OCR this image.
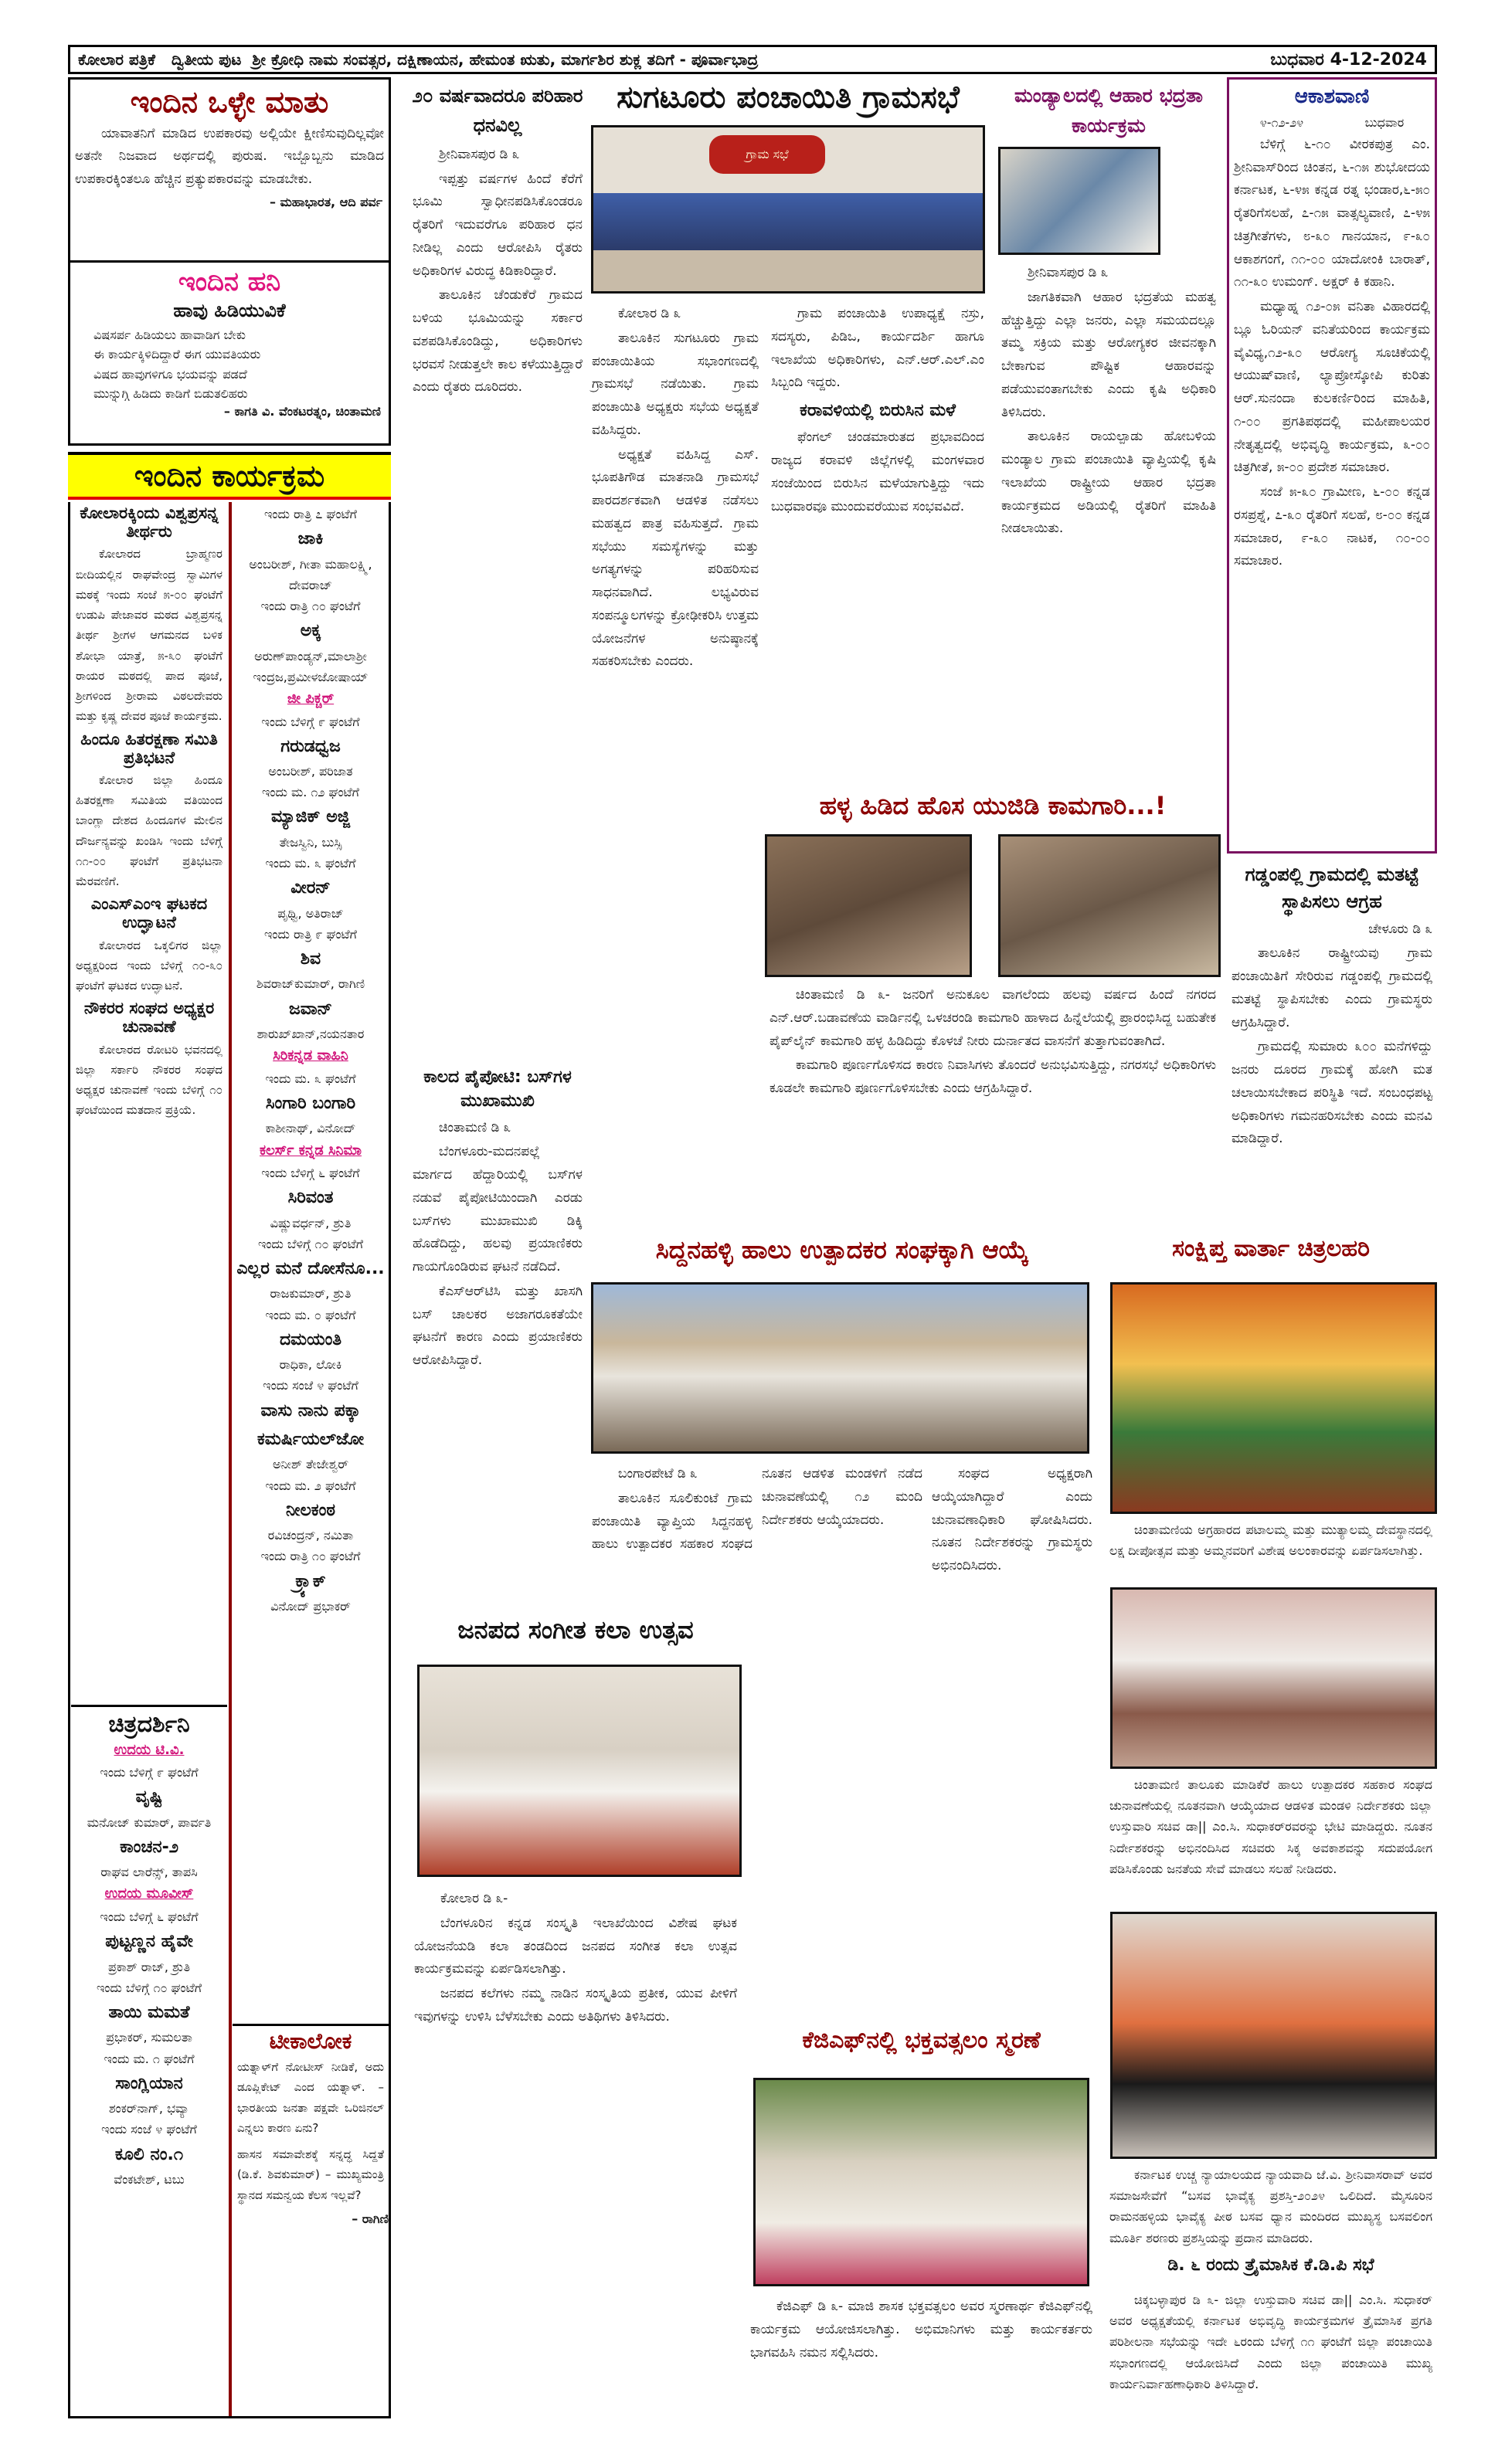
ಕೋಲಾರ ಪತ್ರಿಕೆ ದ್ವಿತೀಯ ಪುಟ ಶ್ರೀ ಕ್ರೋಧಿ ನಾಮ ಸಂವತ್ಸರ, ದಕ್ಷಿಣಾಯನ, ಹೇಮಂತ ಋತು, ಮಾರ್ಗಶಿರ ಶುಕ್ಲ ತದಿಗೆ - ಪೂರ್ವಾಭಾದ್ರ	ಬುಧವಾರ 4-12-2024
ಇಂದಿನ ಒಳ್ಳೇ ಮಾತು
ಯಾವಾತನಿಗೆ ಮಾಡಿದ ಉಪಕಾರವು ಅಲ್ಲಿಯೇ ಕ್ಷೀಣಿಸುವುದಿಲ್ಲವೋ ಅತನೇ ನಿಜವಾದ ಅರ್ಥದಲ್ಲಿ ಪುರುಷ. ಇಬ್ಬೊಬ್ಬನು ಮಾಡಿದ ಉಪಕಾರಕ್ಕಿಂತಲೂ ಹೆಚ್ಚಿನ ಪ್ರತ್ಯುಪಕಾರವನ್ನು ಮಾಡಬೇಕು.
– ಮಹಾಭಾರತ, ಆದಿ ಪರ್ವ
ಇಂದಿನ ಹನಿ
ಹಾವು ಹಿಡಿಯುವಿಕೆ
ವಿಷಸರ್ಪ ಹಿಡಿಯಲು ಹಾವಾಡಿಗ ಬೇಕು
ಈ ಕಾರ್ಯಕ್ಕಿಳಿದಿದ್ದಾರೆ ಈಗ ಯುವತಿಯರು
ವಿಷದ ಹಾವುಗಳಿಗೂ ಭಯವನ್ನು ಪಡದೆ
ಮುನ್ನುಗ್ಗಿ ಹಿಡಿದು ಕಾಡಿಗೆ ಬಿಡುತಲಿಹರು
– ಕಾಗತಿ ವಿ. ವೆಂಕಟರತ್ನಂ, ಚಿಂತಾಮಣಿ
ಇಂದಿನ ಕಾರ್ಯಕ್ರಮ
ಕೋಲಾರಕ್ಕಿಂದು ವಿಶ್ವಪ್ರಸನ್ನ ತೀರ್ಥರು
ಕೋಲಾರದ ಬ್ರಾಹ್ಮಣರ ಬೀದಿಯಲ್ಲಿನ ರಾಘವೇಂದ್ರ ಸ್ವಾಮಿಗಳ ಮಠಕ್ಕೆ ಇಂದು ಸಂಜೆ ೫-೦೦ ಘಂಟೆಗೆ ಉಡುಪಿ ಪೇಜಾವರ ಮಠದ ವಿಶ್ವಪ್ರಸನ್ನ ತೀರ್ಥ ಶ್ರೀಗಳ ಆಗಮನದ ಬಳಿಕ ಶೋಭಾ ಯಾತ್ರೆ, ೫-೩೦ ಘಂಟೆಗೆ ರಾಯರ ಮಠದಲ್ಲಿ ಪಾದ ಪೂಜೆ, ಶ್ರೀಗಳಿಂದ ಶ್ರೀರಾಮ ವಿಠಲದೇವರು ಮತ್ತು ಕೃಷ್ಣ ದೇವರ ಪೂಜೆ ಕಾರ್ಯಕ್ರಮ.
ಹಿಂದೂ ಹಿತರಕ್ಷಣಾ ಸಮಿತಿ ಪ್ರತಿಭಟನೆ
ಕೋಲಾರ ಜಿಲ್ಲಾ ಹಿಂದೂ ಹಿತರಕ್ಷಣಾ ಸಮಿತಿಯ ವತಿಯಿಂದ ಬಾಂಗ್ಲಾ ದೇಶದ ಹಿಂದೂಗಳ ಮೇಲಿನ ದೌರ್ಜನ್ಯವನ್ನು ಖಂಡಿಸಿ ಇಂದು ಬೆಳಿಗ್ಗೆ ೧೧-೦೦ ಘಂಟೆಗೆ ಪ್ರತಿಭಟನಾ ಮೆರವಣಿಗೆ.
ಎಂಎಸ್‌ಎಂಇ ಘಟಕದ ಉದ್ಘಾಟನೆ
ಕೋಲಾರದ ಒಕ್ಕಲಿಗರ ಜಿಲ್ಲಾ ಅಧ್ಯಕ್ಷರಿಂದ ಇಂದು ಬೆಳಿಗ್ಗೆ ೧೦-೩೦ ಘಂಟೆಗೆ ಘಟಕದ ಉದ್ಘಾಟನೆ.
ನೌಕರರ ಸಂಘದ ಅಧ್ಯಕ್ಷರ ಚುನಾವಣೆ
ಕೋಲಾರದ ರೋಟರಿ ಭವನದಲ್ಲಿ ಜಿಲ್ಲಾ ಸರ್ಕಾರಿ ನೌಕರರ ಸಂಘದ ಅಧ್ಯಕ್ಷರ ಚುನಾವಣೆ ಇಂದು ಬೆಳಿಗ್ಗೆ ೧೦ ಘಂಟೆಯಿಂದ ಮತದಾನ ಪ್ರಕ್ರಿಯೆ.
ಚಿತ್ರದರ್ಶಿನಿ
ಉದಯ ಟಿ.ವಿ.
ಇಂದು ಬೆಳಿಗ್ಗೆ ೯ ಘಂಟೆಗೆ
ವೃಷ್ಟಿ
ಮನೋಜ್ ಕುಮಾರ್, ಪಾರ್ವತಿ
ಕಾಂಚನ-೨
ರಾಘವ ಲಾರೆನ್ಸ್, ತಾಪಸಿ
ಉದಯ ಮೂವೀಸ್
ಇಂದು ಬೆಳಿಗ್ಗೆ ೬ ಘಂಟೆಗೆ
ಪುಟ್ಟಣ್ಣನ ಹೈವೇ
ಪ್ರಕಾಶ್ ರಾಜ್, ಶ್ರುತಿ
ಇಂದು ಬೆಳಿಗ್ಗೆ ೧೦ ಘಂಟೆಗೆ
ತಾಯಿ ಮಮತೆ
ಪ್ರಭಾಕರ್, ಸುಮಲತಾ
ಇಂದು ಮ. ೧ ಘಂಟೆಗೆ
ಸಾಂಗ್ಲಿಯಾನ
ಶಂಕರ್‌ನಾಗ್, ಭವ್ಯಾ
ಇಂದು ಸಂಜೆ ೪ ಘಂಟೆಗೆ
ಕೂಲಿ ನಂ.೧
ವೆಂಕಟೇಶ್, ಟಬು
ಇಂದು ರಾತ್ರಿ ೭ ಘಂಟೆಗೆ
ಜಾಕಿ
ಅಂಬರೀಶ್, ಗೀತಾ ಮಹಾಲಕ್ಷ್ಮಿ, ದೇವರಾಜ್
ಇಂದು ರಾತ್ರಿ ೧೦ ಘಂಟೆಗೆ
ಅಕ್ಕ
ಅರುಣ್‌ಪಾಂಡ್ಯನ್,ಮಾಲಾಶ್ರೀ ಇಂದ್ರಜ,ಪ್ರಮೀಳಜೋಷಾಯ್
ಜೀ ಪಿಕ್ಚರ್
ಇಂದು ಬೆಳಿಗ್ಗೆ ೯ ಘಂಟೆಗೆ
ಗರುಡಧ್ವಜ
ಅಂಬರೀಶ್, ಪರಿಜಾತ
ಇಂದು ಮ. ೧೨ ಘಂಟೆಗೆ
ಮ್ಯಾಜಿಕ್ ಅಜ್ಜಿ
ತೇಜಸ್ವಿನಿ, ಬುಸ್ಸಿ
ಇಂದು ಮ. ೩ ಘಂಟೆಗೆ
ವೀರನ್
ಪೃಥ್ವಿ, ಅತಿರಾಜ್
ಇಂದು ರಾತ್ರಿ ೯ ಘಂಟೆಗೆ
ಶಿವ
ಶಿವರಾಜ್‌ಕುಮಾರ್, ರಾಗಿಣಿ
ಜವಾನ್
ಶಾರುಖ್‌ಖಾನ್,ನಯನತಾರ
ಸಿರಿಕನ್ನಡ ವಾಹಿನಿ
ಇಂದು ಮ. ೩ ಘಂಟೆಗೆ
ಸಿಂಗಾರಿ ಬಂಗಾರಿ
ಕಾಶೀನಾಥ್, ವಿನೋದ್
ಕಲರ್ಸ್ ಕನ್ನಡ ಸಿನಿಮಾ
ಇಂದು ಬೆಳಿಗ್ಗೆ ೬ ಘಂಟೆಗೆ
ಸಿರಿವಂತ
ವಿಷ್ಣುವರ್ಧನ್, ಶ್ರುತಿ
ಇಂದು ಬೆಳಿಗ್ಗೆ ೧೦ ಘಂಟೆಗೆ
ಎಲ್ಲರ ಮನೆ ದೋಸೆನೂ...
ರಾಜಕುಮಾರ್, ಶ್ರುತಿ
ಇಂದು ಮ. ೦ ಘಂಟೆಗೆ
ದಮಯಂತಿ
ರಾಧಿಕಾ, ಲೋಕಿ
ಇಂದು ಸಂಜೆ ೪ ಘಂಟೆಗೆ
ವಾಸು ನಾನು ಪಕ್ಕಾ ಕಮರ್ಷಿಯಲ್‌ಜೋ
ಅನೀಶ್ ತೇಜೇಶ್ವರ್
ಇಂದು ಮ. ೨ ಘಂಟೆಗೆ
ನೀಲಕಂಠ
ರವಿಚಂದ್ರನ್, ನಮಿತಾ
ಇಂದು ರಾತ್ರಿ ೧೦ ಘಂಟೆಗೆ
ಕ್ರ್ಯಾಕ್
ವಿನೋದ್ ಪ್ರಭಾಕರ್
ಟೀಕಾಲೋಕ
ಯತ್ನಾಳ್‌ಗೆ ನೋಟೀಸ್ ನೀಡಿಕೆ, ಅದು ಡೂಪ್ಲಿಕೇಟ್ ಎಂದ ಯತ್ನಾಳ್. – ಭಾರತೀಯ ಜನತಾ ಪಕ್ಷವೇ ಒರಿಜಿನಲ್ ಎನ್ನಲು ಕಾರಣ ಏನು?
ಹಾಸನ ಸಮಾವೇಶಕ್ಕೆ ಸನ್ನದ್ಧ ಸಿದ್ದತೆ (ಡಿ.ಕೆ. ಶಿವಕುಮಾರ್) – ಮುಖ್ಯಮಂತ್ರಿ ಸ್ಥಾನದ ಸಮನ್ವಯ ಕೆಲಸ ಇಲ್ಲವೆ?
– ರಾಗಿಣಿ
೨೦ ವರ್ಷವಾದರೂ ಪರಿಹಾರ ಧನವಿಲ್ಲ

ಶ್ರೀನಿವಾಸಪುರ ಡಿ ೩

ಇಪ್ಪತ್ತು ವರ್ಷಗಳ ಹಿಂದೆ ಕೆರೆಗೆ ಭೂಮಿ ಸ್ವಾಧೀನಪಡಿಸಿಕೊಂಡರೂ ರೈತರಿಗೆ ಇದುವರೆಗೂ ಪರಿಹಾರ ಧನ ನೀಡಿಲ್ಲ ಎಂದು ಆರೋಪಿಸಿ ರೈತರು ಅಧಿಕಾರಿಗಳ ವಿರುದ್ಧ ಕಿಡಿಕಾರಿದ್ದಾರೆ.

ತಾಲೂಕಿನ ಚೆಂಡುಕೆರೆ ಗ್ರಾಮದ ಬಳಿಯ ಭೂಮಿಯನ್ನು ಸರ್ಕಾರ ವಶಪಡಿಸಿಕೊಂಡಿದ್ದು, ಅಧಿಕಾರಿಗಳು ಭರವಸೆ ನೀಡುತ್ತಲೇ ಕಾಲ ಕಳೆಯುತ್ತಿದ್ದಾರೆ ಎಂದು ರೈತರು ದೂರಿದರು.

ಕಾಲದ ಪೈಪೋಟಿ: ಬಸ್‌ಗಳ ಮುಖಾಮುಖಿ

ಚಿಂತಾಮಣಿ ಡಿ ೩

ಬೆಂಗಳೂರು-ಮದನಪಲ್ಲೆ ಮಾರ್ಗದ ಹೆದ್ದಾರಿಯಲ್ಲಿ ಬಸ್‌ಗಳ ನಡುವೆ ಪೈಪೋಟಿಯಿಂದಾಗಿ ಎರಡು ಬಸ್‌ಗಳು ಮುಖಾಮುಖಿ ಡಿಕ್ಕಿ ಹೊಡೆದಿದ್ದು, ಹಲವು ಪ್ರಯಾಣಿಕರು ಗಾಯಗೊಂಡಿರುವ ಘಟನೆ ನಡೆದಿದೆ.

ಕೆಎಸ್‌ಆರ್‌ಟಿಸಿ ಮತ್ತು ಖಾಸಗಿ ಬಸ್ ಚಾಲಕರ ಅಜಾಗರೂಕತೆಯೇ ಘಟನೆಗೆ ಕಾರಣ ಎಂದು ಪ್ರಯಾಣಿಕರು ಆರೋಪಿಸಿದ್ದಾರೆ.

ಸುಗಟೂರು ಪಂಚಾಯಿತಿ ಗ್ರಾಮಸಭೆ
ಗ್ರಾಮ ಸಭೆ

ಕೋಲಾರ ಡಿ ೩

ತಾಲೂಕಿನ ಸುಗಟೂರು ಗ್ರಾಮ ಪಂಚಾಯಿತಿಯ ಸಭಾಂಗಣದಲ್ಲಿ ಗ್ರಾಮಸಭೆ ನಡೆಯಿತು. ಗ್ರಾಮ ಪಂಚಾಯಿತಿ ಅಧ್ಯಕ್ಷರು ಸಭೆಯ ಅಧ್ಯಕ್ಷತೆ ವಹಿಸಿದ್ದರು.

ಅಧ್ಯಕ್ಷತೆ ವಹಿಸಿದ್ದ ಎಸ್. ಭೂಪತಿಗೌಡ ಮಾತನಾಡಿ ಗ್ರಾಮಸಭೆ ಪಾರದರ್ಶಕವಾಗಿ ಆಡಳಿತ ನಡೆಸಲು ಮಹತ್ವದ ಪಾತ್ರ ವಹಿಸುತ್ತದೆ. ಗ್ರಾಮ ಸಭೆಯು ಸಮಸ್ಯೆಗಳನ್ನು ಮತ್ತು ಅಗತ್ಯಗಳನ್ನು ಪರಿಹರಿಸುವ ಸಾಧನವಾಗಿದೆ. ಲಭ್ಯವಿರುವ ಸಂಪನ್ಮೂಲಗಳನ್ನು ಕ್ರೋಢೀಕರಿಸಿ ಉತ್ತಮ ಯೋಜನೆಗಳ ಅನುಷ್ಠಾನಕ್ಕೆ ಸಹಕರಿಸಬೇಕು ಎಂದರು.

ಗ್ರಾಮ ಪಂಚಾಯಿತಿ ಉಪಾಧ್ಯಕ್ಷೆ ನಸ್ರು, ಸದಸ್ಯರು, ಪಿಡಿಒ, ಕಾರ್ಯದರ್ಶಿ ಹಾಗೂ ಇಲಾಖೆಯ ಅಧಿಕಾರಿಗಳು, ಎನ್.ಆರ್.ಎಲ್.ಎಂ ಸಿಬ್ಬಂದಿ ಇದ್ದರು.

ಕರಾವಳಿಯಲ್ಲಿ ಬಿರುಸಿನ ಮಳೆ

ಫೆಂಗಲ್ ಚಂಡಮಾರುತದ ಪ್ರಭಾವದಿಂದ ರಾಜ್ಯದ ಕರಾವಳಿ ಜಿಲ್ಲೆಗಳಲ್ಲಿ ಮಂಗಳವಾರ ಸಂಜೆಯಿಂದ ಬಿರುಸಿನ ಮಳೆಯಾಗುತ್ತಿದ್ದು ಇದು ಬುಧವಾರವೂ ಮುಂದುವರೆಯುವ ಸಂಭವವಿದೆ.

ಮಂಡ್ಯಾಲದಲ್ಲಿ ಆಹಾರ ಭದ್ರತಾ ಕಾರ್ಯಕ್ರಮ

ಶ್ರೀನಿವಾಸಪುರ ಡಿ ೩

ಜಾಗತಿಕವಾಗಿ ಆಹಾರ ಭದ್ರತೆಯ ಮಹತ್ವ ಹೆಚ್ಚುತ್ತಿದ್ದು ಎಲ್ಲಾ ಜನರು, ಎಲ್ಲಾ ಸಮಯದಲ್ಲೂ ತಮ್ಮ ಸಕ್ರಿಯ ಮತ್ತು ಆರೋಗ್ಯಕರ ಜೀವನಕ್ಕಾಗಿ ಬೇಕಾಗುವ ಪೌಷ್ಟಿಕ ಆಹಾರವನ್ನು ಪಡೆಯುವಂತಾಗಬೇಕು ಎಂದು ಕೃಷಿ ಅಧಿಕಾರಿ ತಿಳಿಸಿದರು.

ತಾಲೂಕಿನ ರಾಯಲ್ಪಾಡು ಹೋಬಳಿಯ ಮಂಡ್ಯಾಲ ಗ್ರಾಮ ಪಂಚಾಯಿತಿ ವ್ಯಾಪ್ತಿಯಲ್ಲಿ ಕೃಷಿ ಇಲಾಖೆಯ ರಾಷ್ಟ್ರೀಯ ಆಹಾರ ಭದ್ರತಾ ಕಾರ್ಯಕ್ರಮದ ಅಡಿಯಲ್ಲಿ ರೈತರಿಗೆ ಮಾಹಿತಿ ನೀಡಲಾಯಿತು.

ಆಕಾಶವಾಣಿ
೪-೧೨-೨೪	ಬುಧವಾರ

ಬೆಳಿಗ್ಗೆ ೬-೧೦ ವೀರಕಪುತ್ರ ಎಂ. ಶ್ರೀನಿವಾಸ್‌ರಿಂದ ಚಿಂತನ, ೬-೧೫ ಶುಭೋದಯ ಕರ್ನಾಟಕ, ೬-೪೫ ಕನ್ನಡ ರತ್ನ ಭಂಡಾರ,೬-೫೦ ರೈತರಿಗೆಸಲಹೆ, ೭-೧೫ ವಾತ್ಸಲ್ಯವಾಣಿ, ೭-೪೫ ಚಿತ್ರಗೀತೆಗಳು, ೮-೩೦ ಗಾನಯಾನ, ೯-೩೦ ಆಕಾಶಗಂಗೆ, ೧೧-೦೦ ಯಾದೋಂಕಿ ಬಾರಾತ್, ೧೧-೩೦ ಉಮಂಗ್. ಅಕ್ಷರ್ ಕಿ ಕಹಾನಿ.

ಮಧ್ಯಾಹ್ನ ೧೨-೦೫ ವನಿತಾ ವಿಹಾರದಲ್ಲಿ ಬ್ಲೂ ಓರಿಯನ್ ವನಿತೆಯರಿಂದ ಕಾರ್ಯಕ್ರಮ ವೈವಿಧ್ಯ,೧೨-೩೦ ಆರೋಗ್ಯ ಸೂಚಿಕೆಯಲ್ಲಿ ಆಯುಷ್‌ವಾಣಿ, ಲ್ಯಾಪ್ರೋಸ್ಕೋಪಿ ಕುರಿತು ಆರ್.ಸುನಂದಾ ಕುಲಕರ್ಣಿರಿಂದ ಮಾಹಿತಿ, ೧-೦೦ ಪ್ರಗತಿಪಥದಲ್ಲಿ ಮಹೀಪಾಲಯರ ನೇತೃತ್ವದಲ್ಲಿ ಅಭಿವೃದ್ಧಿ ಕಾರ್ಯಕ್ರಮ, ೩-೦೦ ಚಿತ್ರಗೀತೆ, ೫-೦೦ ಪ್ರದೇಶ ಸಮಾಚಾರ.

ಸಂಜೆ ೫-೩೦ ಗ್ರಾಮೀಣ, ೬-೦೦ ಕನ್ನಡ ರಸಪ್ರಶ್ನೆ, ೭-೩೦ ರೈತರಿಗೆ ಸಲಹೆ, ೮-೦೦ ಕನ್ನಡ ಸಮಾಚಾರ, ೯-೩೦ ನಾಟಕ, ೧೦-೦೦ ಸಮಾಚಾರ.

ಗಡ್ಡಂಪಲ್ಲಿ ಗ್ರಾಮದಲ್ಲಿ ಮತಟ್ಟೆ ಸ್ಥಾಪಿಸಲು ಆಗ್ರಹ

ಚೇಳೂರು ಡಿ ೩

ತಾಲೂಕಿನ ರಾಷ್ಟ್ರೀಯವು ಗ್ರಾಮ ಪಂಚಾಯಿತಿಗೆ ಸೇರಿರುವ ಗಡ್ಡಂಪಲ್ಲಿ ಗ್ರಾಮದಲ್ಲಿ ಮತಟ್ಟೆ ಸ್ಥಾಪಿಸಬೇಕು ಎಂದು ಗ್ರಾಮಸ್ಥರು ಆಗ್ರಹಿಸಿದ್ದಾರೆ.

ಗ್ರಾಮದಲ್ಲಿ ಸುಮಾರು ೩೦೦ ಮನೆಗಳಿದ್ದು ಜನರು ದೂರದ ಗ್ರಾಮಕ್ಕೆ ಹೋಗಿ ಮತ ಚಲಾಯಿಸಬೇಕಾದ ಪರಿಸ್ಥಿತಿ ಇದೆ. ಸಂಬಂಧಪಟ್ಟ ಅಧಿಕಾರಿಗಳು ಗಮನಹರಿಸಬೇಕು ಎಂದು ಮನವಿ ಮಾಡಿದ್ದಾರೆ.

ಹಳ್ಳ ಹಿಡಿದ ಹೊಸ ಯುಜಿಡಿ ಕಾಮಗಾರಿ...!

ಚಿಂತಾಮಣಿ ಡಿ ೩- ಜನರಿಗೆ ಅನುಕೂಲ ವಾಗಲೆಂದು ಹಲವು ವರ್ಷದ ಹಿಂದೆ ನಗರದ ಎನ್.ಆರ್.ಬಡಾವಣೆಯ ವಾರ್ಡಿನಲ್ಲಿ ಒಳಚರಂಡಿ ಕಾಮಗಾರಿ ಹಾಳಾದ ಹಿನ್ನೆಲೆಯಲ್ಲಿ ಪ್ರಾರಂಭಿಸಿದ್ದ ಬಹುತೇಕ ಪೈಪ್‌ಲೈನ್ ಕಾಮಗಾರಿ ಹಳ್ಳ ಹಿಡಿದಿದ್ದು ಕೊಳಚೆ ನೀರು ದುರ್ನಾತದ ವಾಸನೆಗೆ ತುತ್ತಾಗುವಂತಾಗಿದೆ.

ಕಾಮಗಾರಿ ಪೂರ್ಣಗೊಳಿಸದ ಕಾರಣ ನಿವಾಸಿಗಳು ತೊಂದರೆ ಅನುಭವಿಸುತ್ತಿದ್ದು, ನಗರಸಭೆ ಅಧಿಕಾರಿಗಳು ಕೂಡಲೇ ಕಾಮಗಾರಿ ಪೂರ್ಣಗೊಳಿಸಬೇಕು ಎಂದು ಆಗ್ರಹಿಸಿದ್ದಾರೆ.

ಸಿದ್ದನಹಳ್ಳಿ ಹಾಲು ಉತ್ಪಾದಕರ ಸಂಘಕ್ಕಾಗಿ ಆಯ್ಕೆ

ಬಂಗಾರಪೇಟೆ ಡಿ ೩

ತಾಲೂಕಿನ ಸೂಲಿಕುಂಟೆ ಗ್ರಾಮ ಪಂಚಾಯಿತಿ ವ್ಯಾಪ್ತಿಯ ಸಿದ್ದನಹಳ್ಳಿ ಹಾಲು ಉತ್ಪಾದಕರ ಸಹಕಾರ ಸಂಘದ ನೂತನ ಆಡಳಿತ ಮಂಡಳಿಗೆ ನಡೆದ ಚುನಾವಣೆಯಲ್ಲಿ ೧೨ ಮಂದಿ ನಿರ್ದೇಶಕರು ಆಯ್ಕೆಯಾದರು.

ಸಂಘದ ಅಧ್ಯಕ್ಷರಾಗಿ ಆಯ್ಕೆಯಾಗಿದ್ದಾರೆ ಎಂದು ಚುನಾವಣಾಧಿಕಾರಿ ಘೋಷಿಸಿದರು. ನೂತನ ನಿರ್ದೇಶಕರನ್ನು ಗ್ರಾಮಸ್ಥರು ಅಭಿನಂದಿಸಿದರು.

ಜನಪದ ಸಂಗೀತ ಕಲಾ ಉತ್ಸವ

ಕೋಲಾರ ಡಿ ೩-

ಬೆಂಗಳೂರಿನ ಕನ್ನಡ ಸಂಸ್ಕೃತಿ ಇಲಾಖೆಯಿಂದ ವಿಶೇಷ ಘಟಕ ಯೋಜನೆಯಡಿ ಕಲಾ ತಂಡದಿಂದ ಜನಪದ ಸಂಗೀತ ಕಲಾ ಉತ್ಸವ ಕಾರ್ಯಕ್ರಮವನ್ನು ಏರ್ಪಡಿಸಲಾಗಿತ್ತು.

ಜನಪದ ಕಲೆಗಳು ನಮ್ಮ ನಾಡಿನ ಸಂಸ್ಕೃತಿಯ ಪ್ರತೀಕ, ಯುವ ಪೀಳಿಗೆ ಇವುಗಳನ್ನು ಉಳಿಸಿ ಬೆಳೆಸಬೇಕು ಎಂದು ಅತಿಥಿಗಳು ತಿಳಿಸಿದರು.

ಕೆಜಿಎಫ್‌ನಲ್ಲಿ ಭಕ್ತವತ್ಸಲಂ ಸ್ಮರಣೆ

ಕೆಜಿಎಫ್ ಡಿ ೩- ಮಾಜಿ ಶಾಸಕ ಭಕ್ತವತ್ಸಲಂ ಅವರ ಸ್ಮರಣಾರ್ಥ ಕೆಜಿಎಫ್‌ನಲ್ಲಿ ಕಾರ್ಯಕ್ರಮ ಆಯೋಜಿಸಲಾಗಿತ್ತು. ಅಭಿಮಾನಿಗಳು ಮತ್ತು ಕಾರ್ಯಕರ್ತರು ಭಾಗವಹಿಸಿ ನಮನ ಸಲ್ಲಿಸಿದರು.

ಸಂಕ್ಷಿಪ್ತ ವಾರ್ತಾ ಚಿತ್ರಲಹರಿ
ಚಿಂತಾಮಣಿಯ ಅಗ್ರಹಾರದ ಪಟಾಲಮ್ಮ ಮತ್ತು ಮುತ್ಯಾಲಮ್ಮ ದೇವಸ್ಥಾನದಲ್ಲಿ ಲಕ್ಷ ದೀಪೋತ್ಸವ ಮತ್ತು ಅಮ್ಮನವರಿಗೆ ವಿಶೇಷ ಅಲಂಕಾರವನ್ನು ಏರ್ಪಡಿಸಲಾಗಿತ್ತು.
ಚಿಂತಾಮಣಿ ತಾಲೂಕು ಮಾಡಿಕೆರೆ ಹಾಲು ಉತ್ಪಾದಕರ ಸಹಕಾರ ಸಂಘದ ಚುನಾವಣೆಯಲ್ಲಿ ನೂತನವಾಗಿ ಆಯ್ಕೆಯಾದ ಆಡಳಿತ ಮಂಡಳಿ ನಿರ್ದೇಶಕರು ಜಿಲ್ಲಾ ಉಸ್ತುವಾರಿ ಸಚಿವ ಡಾ|| ಎಂ.ಸಿ. ಸುಧಾಕರ್‌ರವರನ್ನು ಭೇಟಿ ಮಾಡಿದ್ದರು. ನೂತನ ನಿರ್ದೇಶಕರನ್ನು ಅಭಿನಂದಿಸಿದ ಸಚಿವರು ಸಿಕ್ಕ ಅವಕಾಶವನ್ನು ಸದುಪಯೋಗ ಪಡಿಸಿಕೊಂಡು ಜನತೆಯ ಸೇವೆ ಮಾಡಲು ಸಲಹೆ ನೀಡಿದರು.
ಕರ್ನಾಟಕ ಉಚ್ಚ ನ್ಯಾಯಾಲಯದ ನ್ಯಾಯವಾದಿ ಜೆ.ವಿ. ಶ್ರೀನಿವಾಸರಾವ್ ಅವರ ಸಮಾಜಸೇವೆಗೆ “ಬಸವ ಭಾವೈಕ್ಯ ಪ್ರಶಸ್ತಿ-೨೦೨೪ ಒಲಿದಿದೆ. ಮೈಸೂರಿನ ರಾಮನಹಳ್ಳಿಯ ಭಾವೈಕ್ಯ ಪೀಠ ಬಸವ ಧ್ಯಾನ ಮಂದಿರದ ಮುಖ್ಯಸ್ಥ ಬಸವಲಿಂಗ ಮೂರ್ತಿ ಶರಣರು ಪ್ರಶಸ್ತಿಯನ್ನು ಪ್ರದಾನ ಮಾಡಿದರು.
ಡಿ. ೬ ರಂದು ತ್ರೈಮಾಸಿಕ ಕೆ.ಡಿ.ಪಿ ಸಭೆ
ಚಿಕ್ಕಬಳ್ಳಾಪುರ ಡಿ ೩- ಜಿಲ್ಲಾ ಉಸ್ತುವಾರಿ ಸಚಿವ ಡಾ|| ಎಂ.ಸಿ. ಸುಧಾಕರ್ ಅವರ ಅಧ್ಯಕ್ಷತೆಯಲ್ಲಿ ಕರ್ನಾಟಕ ಅಭಿವೃದ್ಧಿ ಕಾರ್ಯಕ್ರಮಗಳ ತ್ರೈಮಾಸಿಕ ಪ್ರಗತಿ ಪರಿಶೀಲನಾ ಸಭೆಯನ್ನು ಇದೇ ೬ರಂದು ಬೆಳಿಗ್ಗೆ ೧೧ ಘಂಟೆಗೆ ಜಿಲ್ಲಾ ಪಂಚಾಯಿತಿ ಸಭಾಂಗಣದಲ್ಲಿ ಆಯೋಜಿಸಿದೆ ಎಂದು ಜಿಲ್ಲಾ ಪಂಚಾಯಿತಿ ಮುಖ್ಯ ಕಾರ್ಯನಿರ್ವಾಹಣಾಧಿಕಾರಿ ತಿಳಿಸಿದ್ದಾರೆ.
